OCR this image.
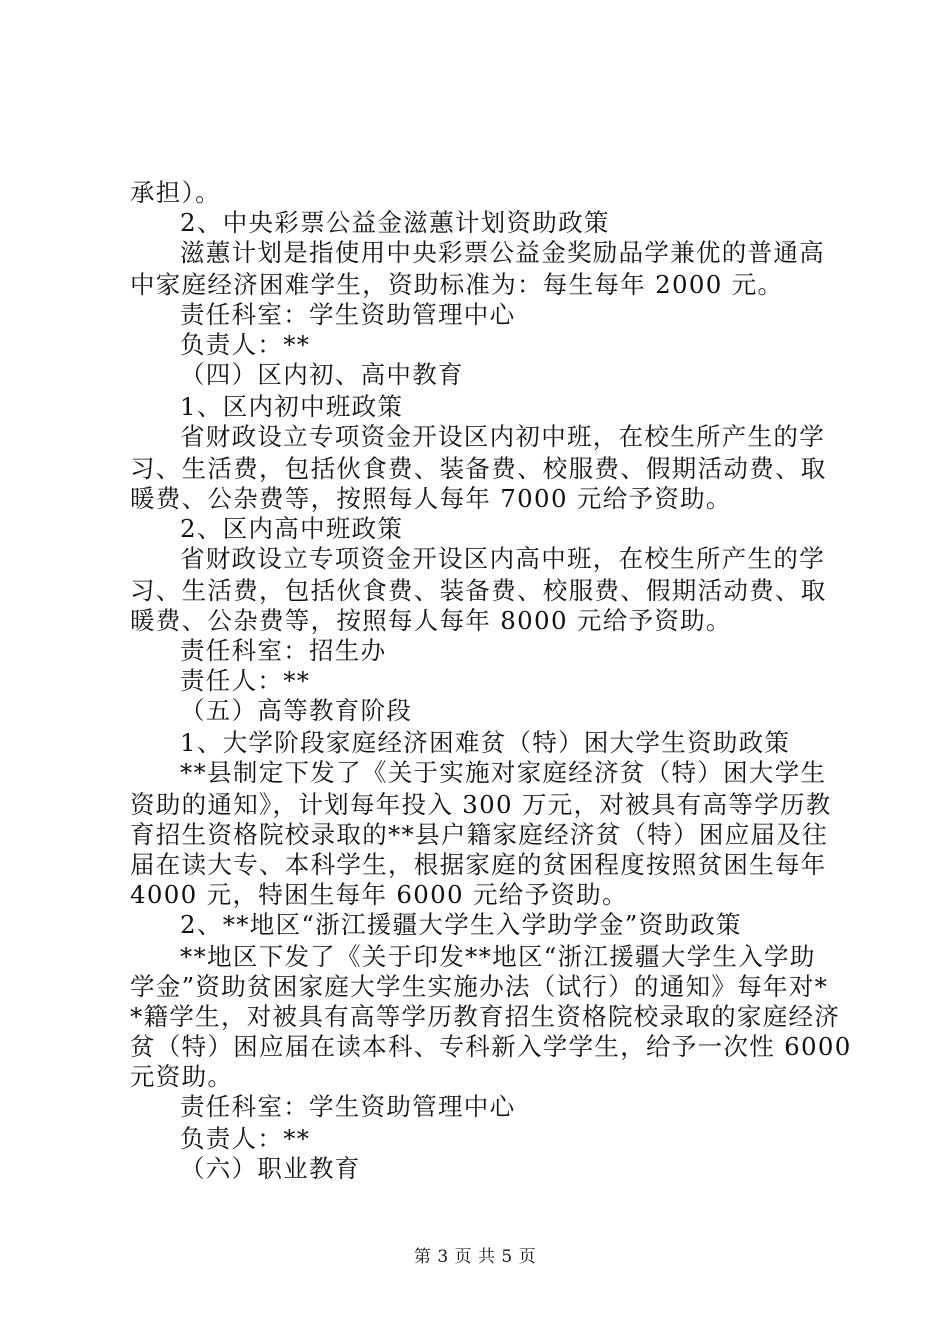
承担）。
2、中央彩票公益金滋蕙计划资助政策
滋蕙计划是指使用中央彩票公益金奖励品学兼优的普通高
中家庭经济困难学生，资助标准为：每生每年 2000 元。
责任科室：学生资助管理中心
负责人：**
（四）区内初、高中教育
1、区内初中班政策
省财政设立专项资金开设区内初中班，在校生所产生的学
习、生活费，包括伙食费、装备费、校服费、假期活动费、取
暖费、公杂费等，按照每人每年 7000 元给予资助。
2、区内高中班政策
省财政设立专项资金开设区内高中班，在校生所产生的学
习、生活费，包括伙食费、装备费、校服费、假期活动费、取
暖费、公杂费等，按照每人每年 8000 元给予资助。
责任科室：招生办
责任人：**
（五）高等教育阶段
1、大学阶段家庭经济困难贫（特）困大学生资助政策
**县制定下发了《关于实施对家庭经济贫（特）困大学生
资助的通知》，计划每年投入 300 万元，对被具有高等学历教
育招生资格院校录取的**县户籍家庭经济贫（特）困应届及往
届在读大专、本科学生，根据家庭的贫困程度按照贫困生每年
4000 元，特困生每年 6000 元给予资助。
2、**地区“浙江援疆大学生入学助学金”资助政策
**地区下发了《关于印发**地区“浙江援疆大学生入学助
学金”资助贫困家庭大学生实施办法（试行）的通知》每年对*
*籍学生，对被具有高等学历教育招生资格院校录取的家庭经济
贫（特）困应届在读本科、专科新入学学生，给予一次性 6000
元资助。
责任科室：学生资助管理中心
负责人：**
（六）职业教育
第 3 页 共 5 页
